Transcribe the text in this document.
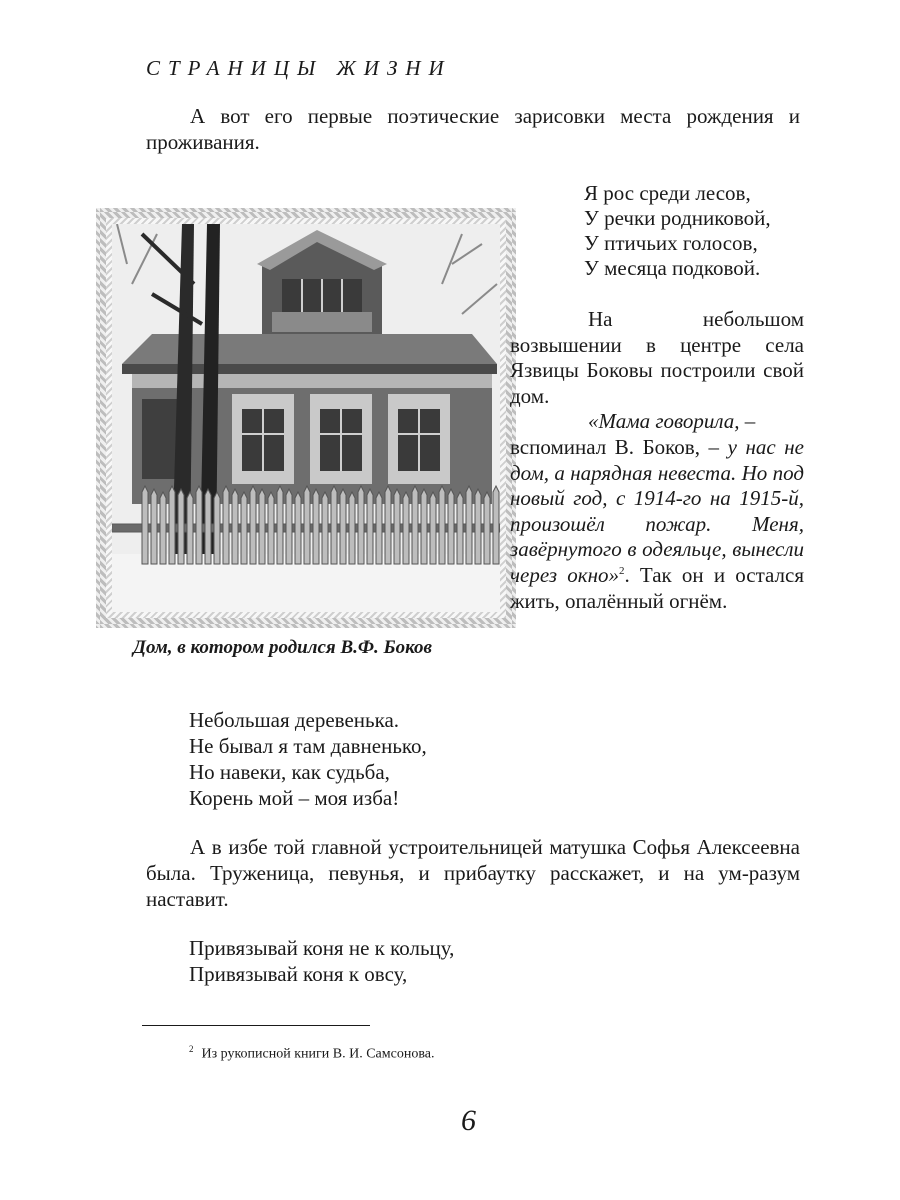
СТРАНИЦЫ ЖИЗНИ

А вот его первые поэтические зарисовки места рождения и проживания.

Я рос среди лесов,
У речки родниковой,
У птичьих голосов,
У месяца подковой.
Дом, в котором родился В.Ф. Боков

На небольшом возвышении в центре села Язвицы Боковы построили свой дом.

«Мама говорила, –
вспоминал В. Боков, – у нас не дом, а нарядная невеста. Но под новый год, с 1914-го на 1915-й, произошёл пожар. Меня, завёрнутого в одеяльце, вынесли через окно»$^2$. Так он и остался жить, опалённый огнём.

Небольшая деревенька.
Не бывал я там давненько,
Но навеки, как судьба,
Корень мой – моя изба!

А в избе той главной устроительницей матушка Софья Алексеевна была. Труженица, певунья, и прибаутку расскажет, и на ум-разум наставит.

Привязывай коня не к кольцу,
Привязывай коня к овсу,
$^2$ Из рукописной книги В. И. Самсонова.
6
